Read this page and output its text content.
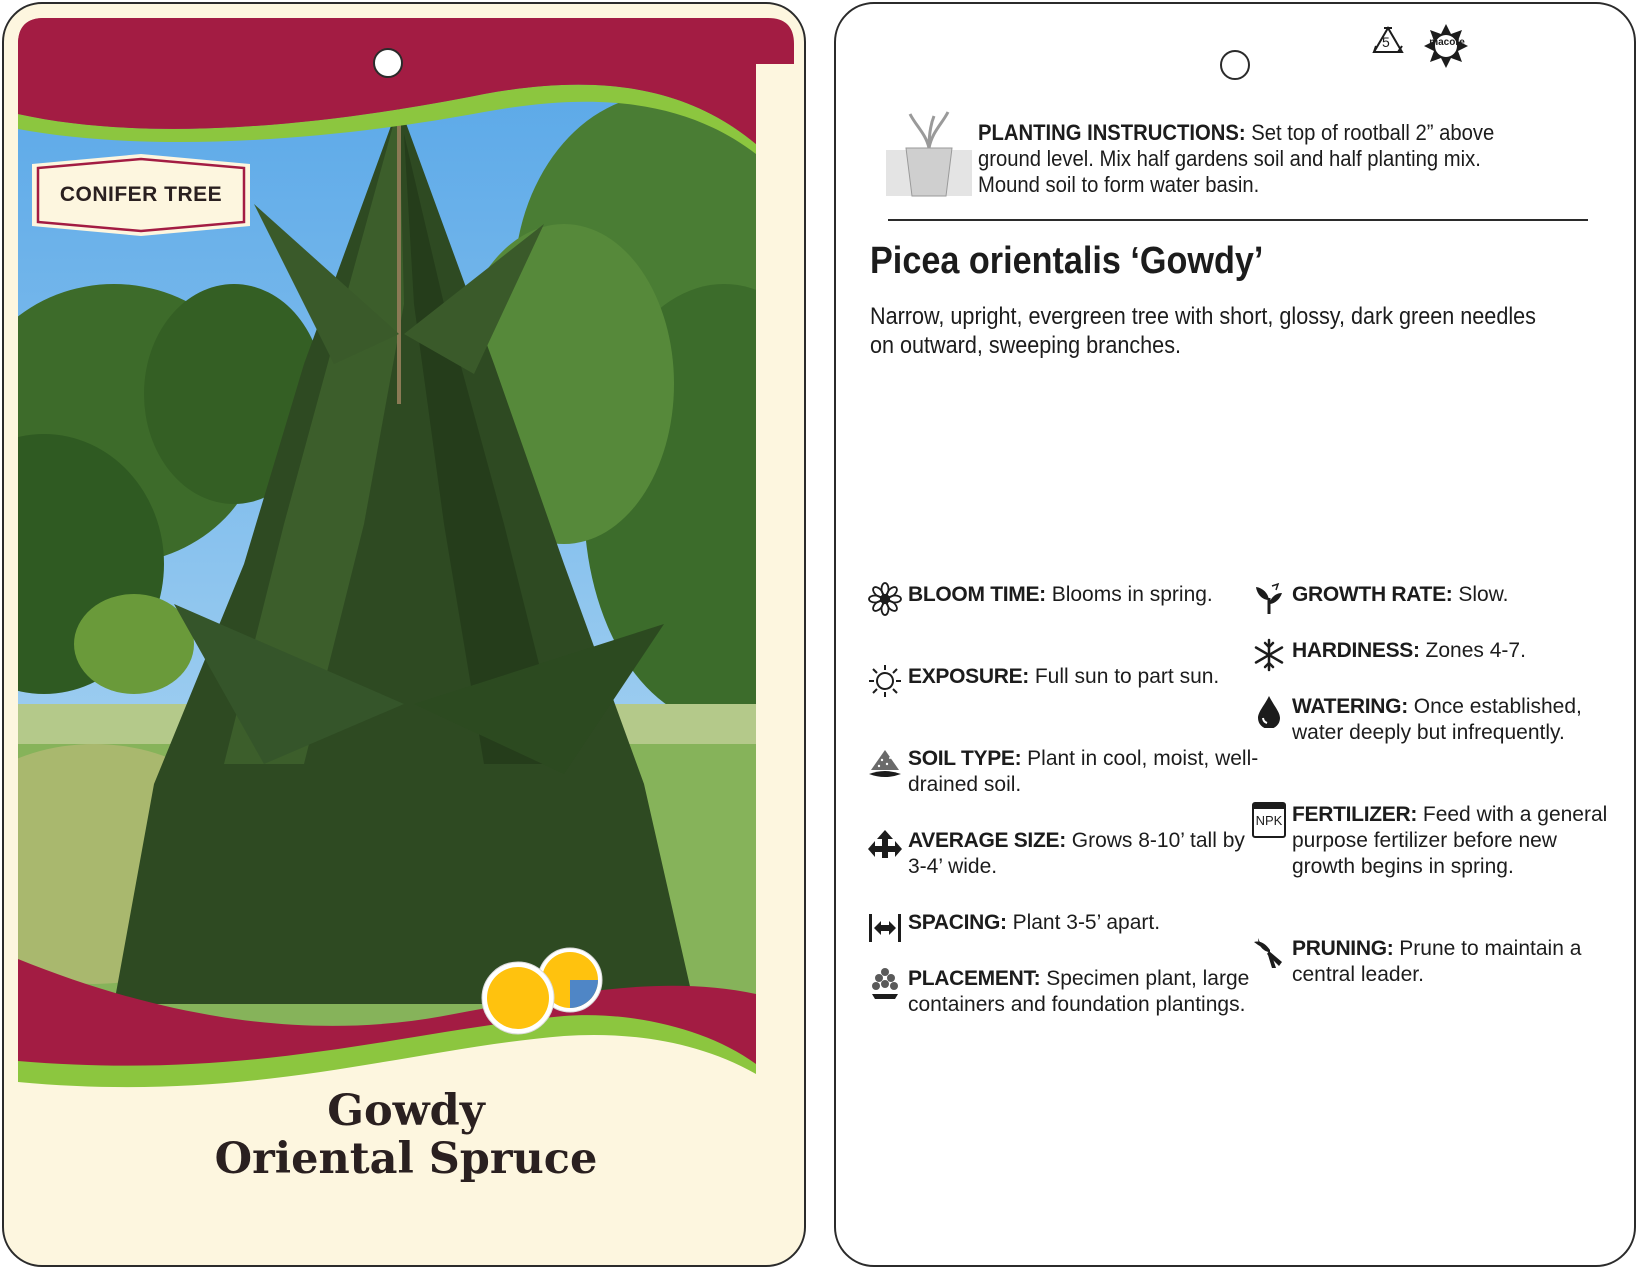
CONIFER TREE
Gowdy
Oriental Spruce
5	macore
PLANTING INSTRUCTIONS: Set top of rootball 2” above ground level. Mix half gardens soil and half planting mix. Mound soil to form water basin.
Picea orientalis ‘Gowdy’
Narrow, upright, evergreen tree with short, glossy, dark green needles on outward, sweeping branches.
BLOOM TIME: Blooms in spring.
EXPOSURE: Full sun to part sun.
SOIL TYPE: Plant in cool, moist, well-drained soil.
AVERAGE SIZE: Grows 8-10’ tall by 3-4’ wide.
SPACING: Plant 3-5’ apart.
PLACEMENT: Specimen plant, large containers and foundation plantings.
GROWTH RATE: Slow.
HARDINESS: Zones 4-7.
WATERING: Once established, water deeply but infrequently.
NPK FERTILIZER: Feed with a general purpose fertilizer before new growth begins in spring.
PRUNING: Prune to maintain a central leader.
